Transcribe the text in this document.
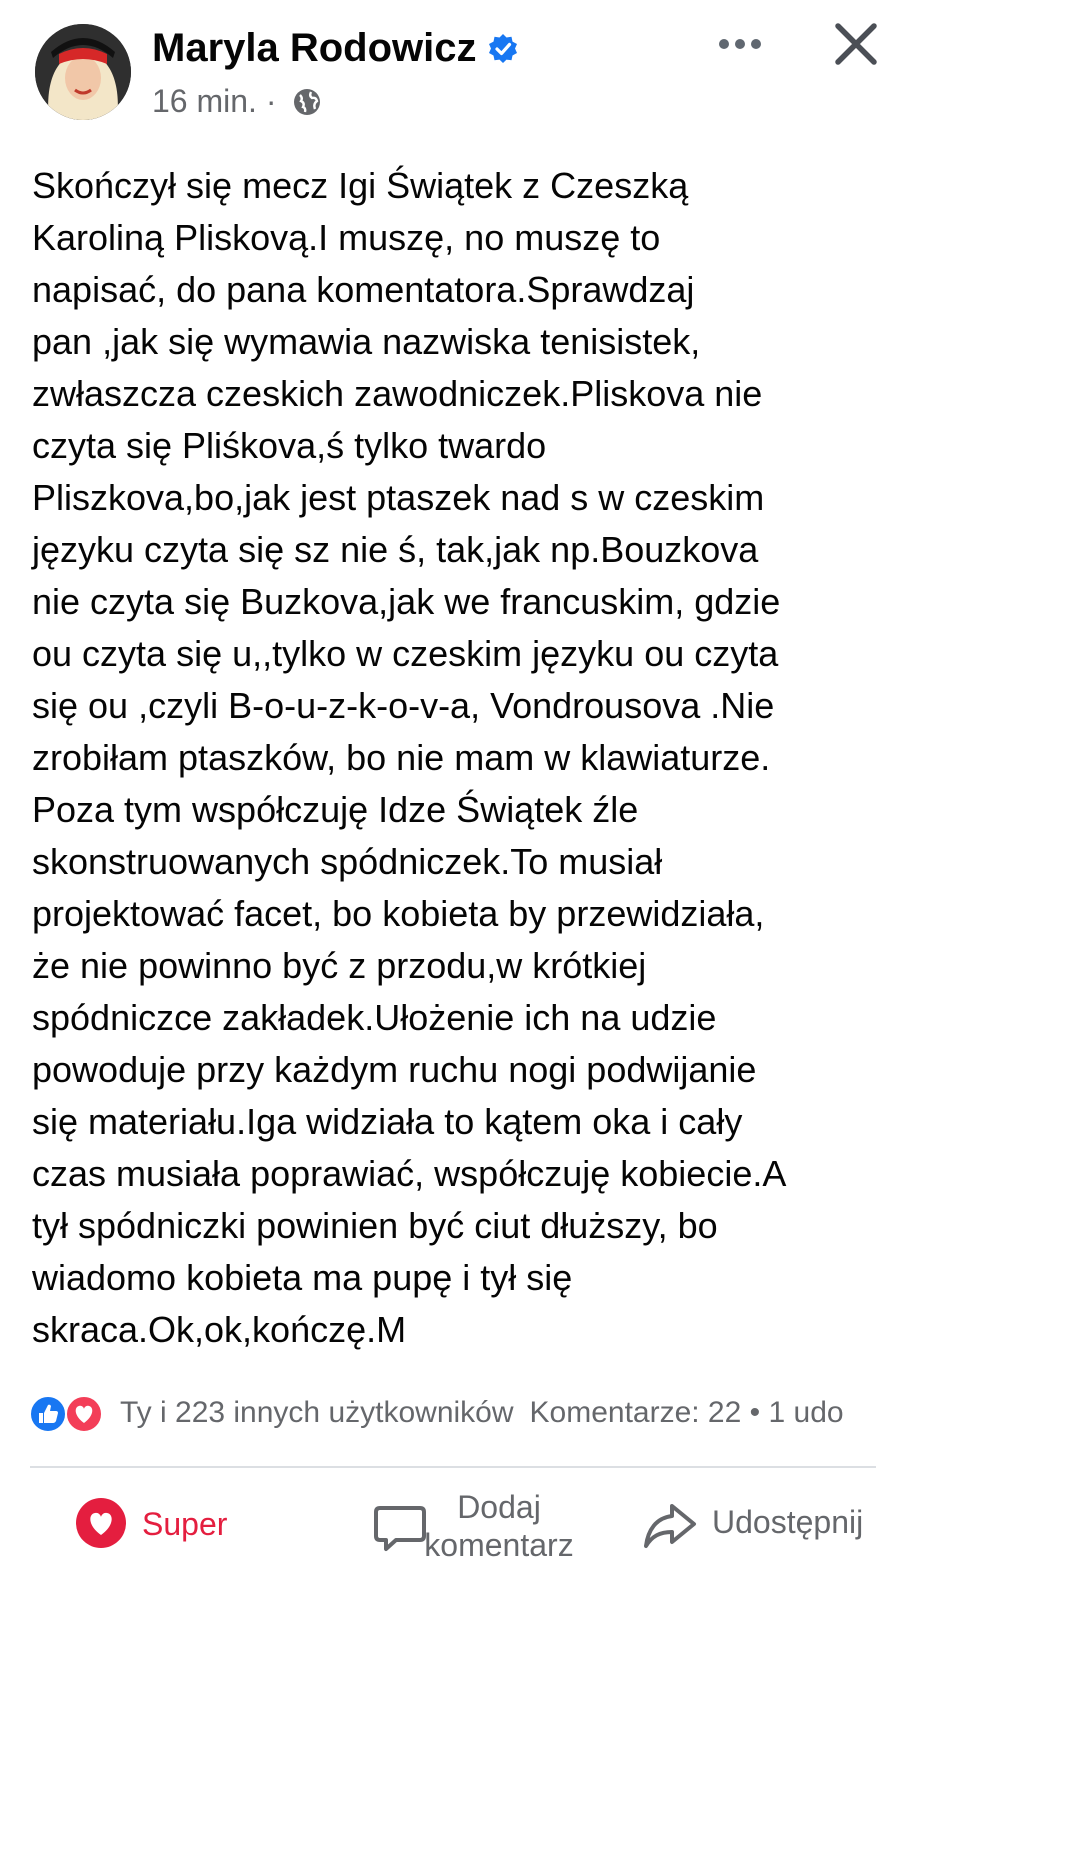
Maryla Rodowicz
16 min. ·
Skończył się mecz Igi Świątek z Czeszką
Karoliną Pliskovą.I muszę, no muszę to
napisać, do pana komentatora.Sprawdzaj
pan ,jak się wymawia nazwiska tenisistek,
zwłaszcza czeskich zawodniczek.Pliskova nie
czyta się Pliśkova,ś tylko twardo
Pliszkova,bo,jak jest ptaszek nad s w czeskim
języku czyta się sz nie ś, tak,jak np.Bouzkova
nie czyta się Buzkova,jak we francuskim, gdzie
ou czyta się u,,tylko w czeskim języku ou czyta
się ou ,czyli B-o-u-z-k-o-v-a, Vondrousova .Nie
zrobiłam ptaszków, bo nie mam w klawiaturze.
Poza tym współczuję Idze Świątek źle
skonstruowanych spódniczek.To musiał
projektować facet, bo kobieta by przewidziała,
że nie powinno być z przodu,w krótkiej
spódniczce zakładek.Ułożenie ich na udzie
powoduje przy każdym ruchu nogi podwijanie
się materiału.Iga widziała to kątem oka i cały
czas musiała poprawiać, współczuję kobiecie.A
tył spódniczki powinien być ciut dłuższy, bo
wiadomo kobieta ma pupę i tył się
skraca.Ok,ok,kończę.M
Ty i 223 innych użytkowników Komentarze: 22 • 1 udo
Super	Dodaj komentarz
Udostępnij
